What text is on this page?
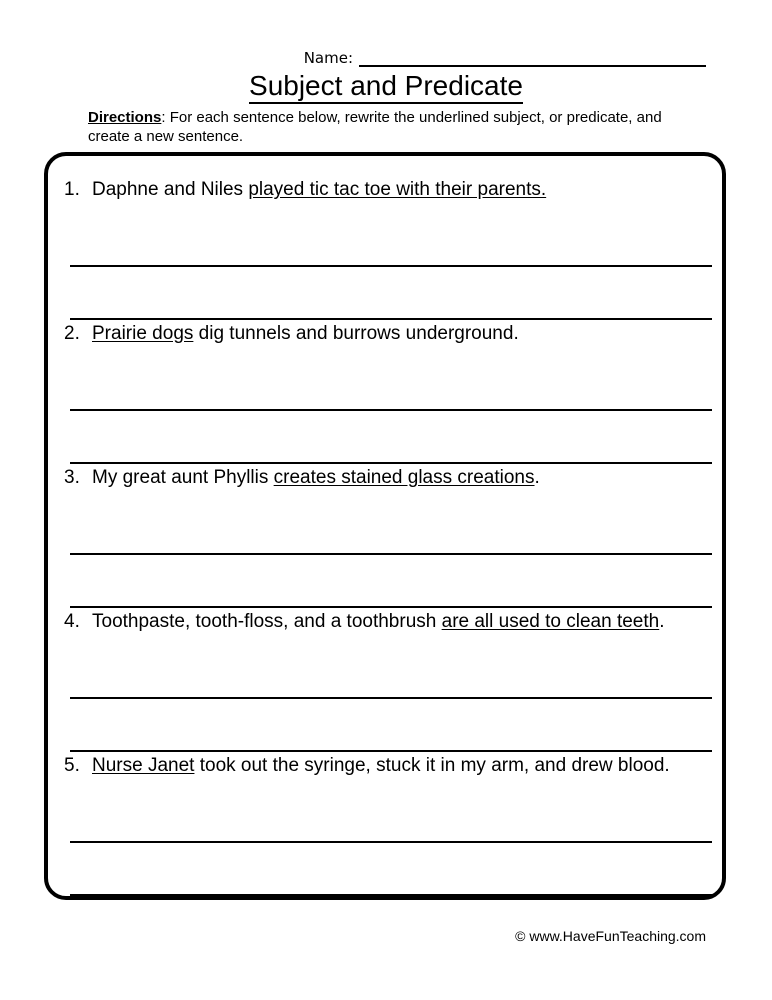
Name:
Subject and Predicate
Directions: For each sentence below, rewrite the underlined subject, or predicate, and create a new sentence.
1. Daphne and Niles played tic tac toe with their parents.
2. Prairie dogs dig tunnels and burrows underground.
3. My great aunt Phyllis creates stained glass creations.
4. Toothpaste, tooth-floss, and a toothbrush are all used to clean teeth.
5. Nurse Janet took out the syringe, stuck it in my arm, and drew blood.
© www.HaveFunTeaching.com
